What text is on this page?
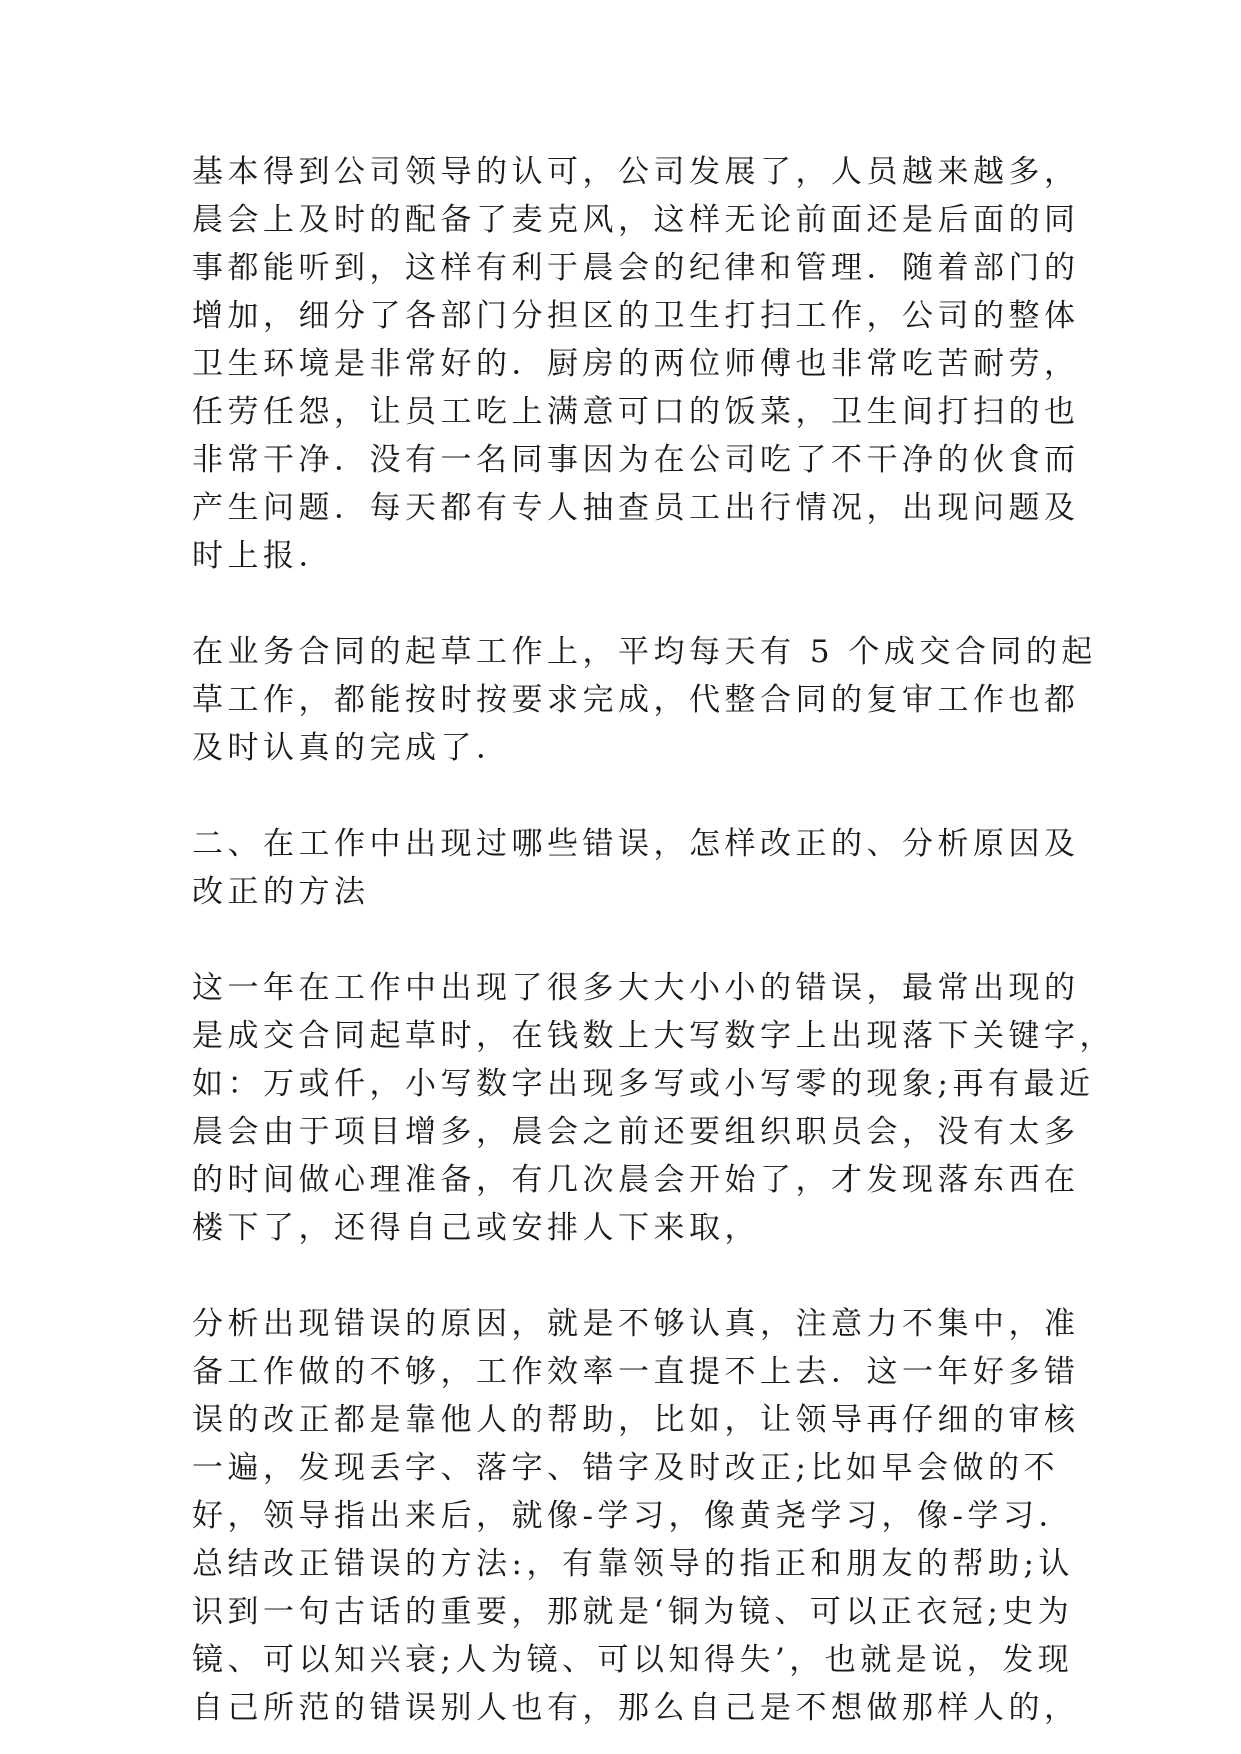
基本得到公司领导的认可，公司发展了，人员越来越多，
晨会上及时的配备了麦克风，这样无论前面还是后面的同
事都能听到，这样有利于晨会的纪律和管理．随着部门的
增加，细分了各部门分担区的卫生打扫工作，公司的整体
卫生环境是非常好的．厨房的两位师傅也非常吃苦耐劳，
任劳任怨，让员工吃上满意可口的饭菜，卫生间打扫的也
非常干净．没有一名同事因为在公司吃了不干净的伙食而
产生问题．每天都有专人抽查员工出行情况，出现问题及
时上报．

在业务合同的起草工作上，平均每天有 5 个成交合同的起
草工作，都能按时按要求完成，代整合同的复审工作也都
及时认真的完成了．

二、在工作中出现过哪些错误，怎样改正的、分析原因及
改正的方法

这一年在工作中出现了很多大大小小的错误，最常出现的
是成交合同起草时，在钱数上大写数字上出现落下关键字，
如：万或仟，小写数字出现多写或小写零的现象;再有最近
晨会由于项目增多，晨会之前还要组织职员会，没有太多
的时间做心理准备，有几次晨会开始了，才发现落东西在
楼下了，还得自己或安排人下来取，

分析出现错误的原因，就是不够认真，注意力不集中，准
备工作做的不够，工作效率一直提不上去．这一年好多错
误的改正都是靠他人的帮助，比如，让领导再仔细的审核
一遍，发现丢字、落字、错字及时改正;比如早会做的不
好，领导指出来后，就像-学习，像黄尧学习，像-学习．
总结改正错误的方法:，有靠领导的指正和朋友的帮助;认
识到一句古话的重要，那就是‘铜为镜、可以正衣冠;史为
镜、可以知兴衰;人为镜、可以知得失’，也就是说，发现
自己所范的错误别人也有，那么自己是不想做那样人的，
